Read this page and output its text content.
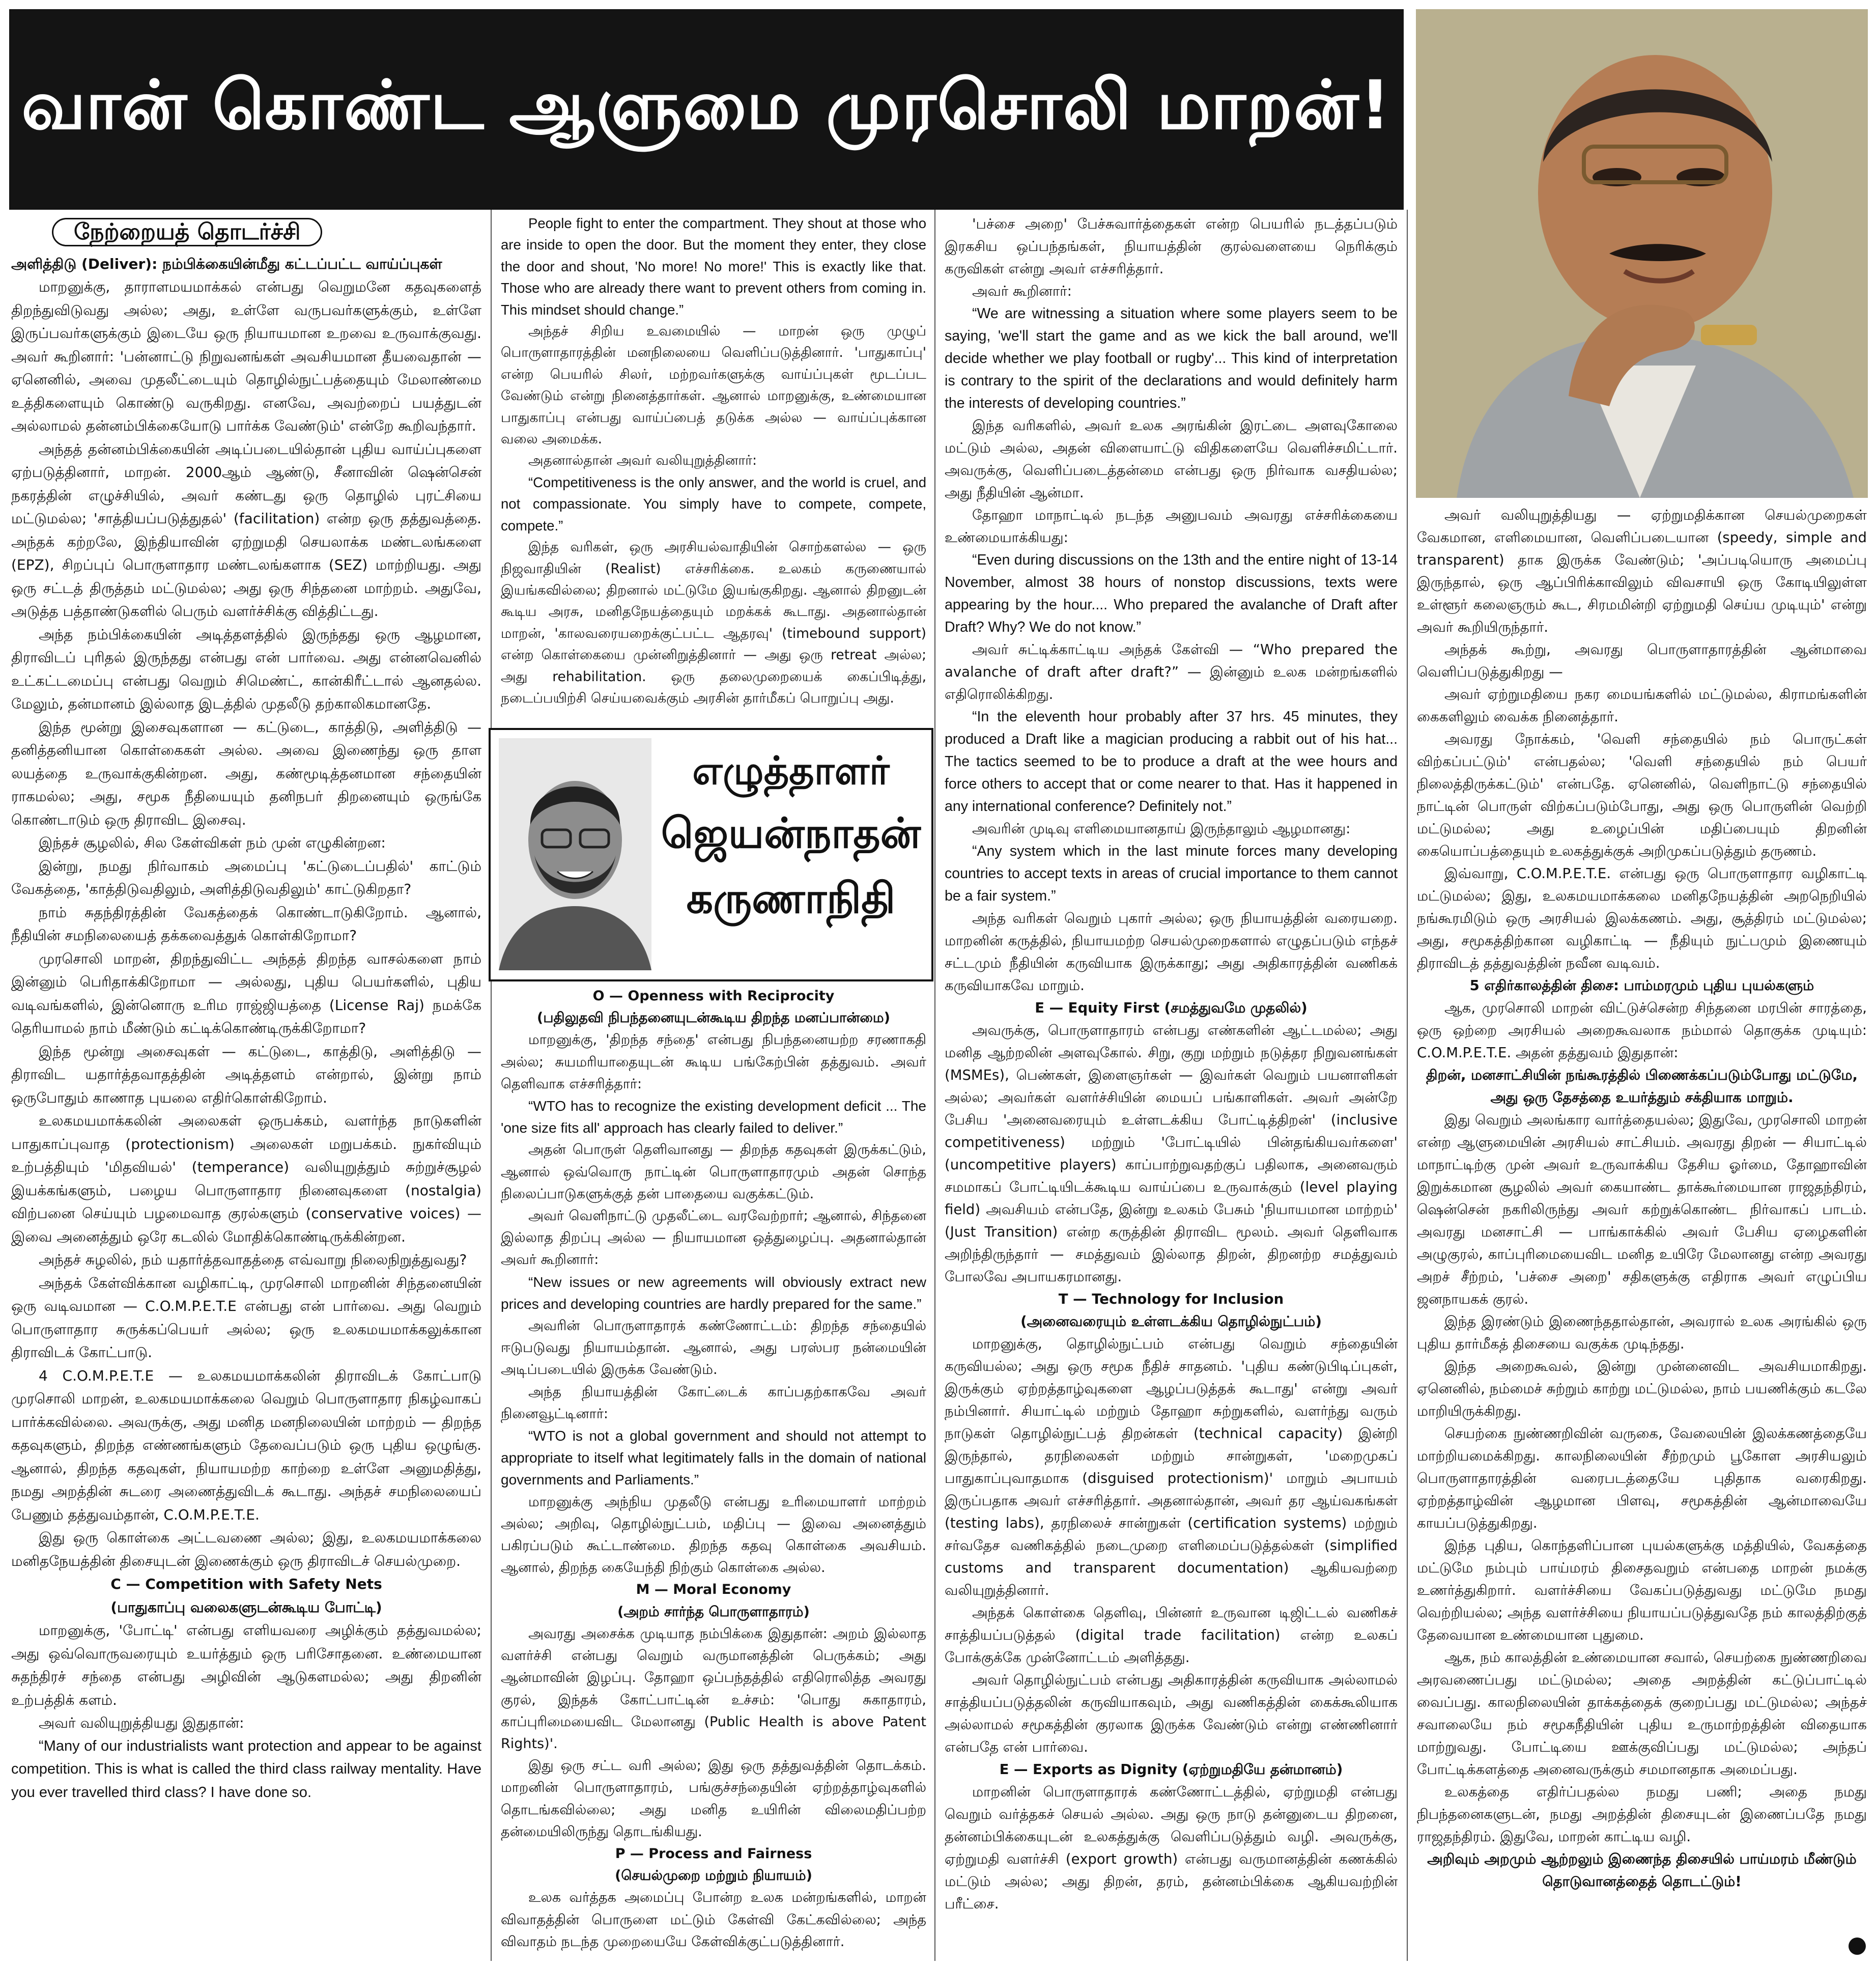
வான் கொண்ட ஆளுமை முரசொலி மாறன்!
நேற்றையத் தொடர்ச்சி

அளித்திடு (Deliver): நம்பிக்கையின்மீது கட்டப்பட்ட வாய்ப்புகள்

மாறனுக்கு, தாராளமயமாக்கல் என்பது வெறுமனே கதவுகளைத் திறந்துவிடுவது அல்ல; அது, உள்ளே வருபவர்களுக்கும், உள்ளே இருப்பவர்களுக்கும் இடையே ஒரு நியாயமான உறவை உருவாக்குவது. அவர் கூறினார்: 'பன்னாட்டு நிறுவனங்கள் அவசியமான தீயவைதான் — ஏனெனில், அவை முதலீட்டையும் தொழில்நுட்பத்தையும் மேலாண்மை உத்திகளையும் கொண்டு வருகிறது. எனவே, அவற்றைப் பயத்துடன் அல்லாமல் தன்னம்பிக்கையோடு பார்க்க வேண்டும்' என்றே கூறிவந்தார்.

அந்தத் தன்னம்பிக்கையின் அடிப்படையில்தான் புதிய வாய்ப்புகளை ஏற்படுத்தினார், மாறன். 2000ஆம் ஆண்டு, சீனாவின் ஷென்சென் நகரத்தின் எழுச்சியில், அவர் கண்டது ஒரு தொழில் புரட்சியை மட்டுமல்ல; 'சாத்தியப்படுத்துதல்' (facilitation) என்ற ஒரு தத்துவத்தை. அந்தக் கற்றலே, இந்தியாவின் ஏற்றுமதி செயலாக்க மண்டலங்களை (EPZ), சிறப்புப் பொருளாதார மண்டலங்களாக (SEZ) மாற்றியது. அது ஒரு சட்டத் திருத்தம் மட்டுமல்ல; அது ஒரு சிந்தனை மாற்றம். அதுவே, அடுத்த பத்தாண்டுகளில் பெரும் வளர்ச்சிக்கு வித்திட்டது.

அந்த நம்பிக்கையின் அடித்தளத்தில் இருந்தது ஒரு ஆழமான, திராவிடப் புரிதல் இருந்தது என்பது என் பார்வை. அது என்னவெனில் உட்கட்டமைப்பு என்பது வெறும் சிமெண்ட், கான்கிரீட்டால் ஆனதல்ல. மேலும், தன்மானம் இல்லாத இடத்தில் முதலீடு தற்காலிகமானதே.

இந்த மூன்று இசைவுகளான — கட்டுடை, காத்திடு, அளித்திடு — தனித்தனியான கொள்கைகள் அல்ல. அவை இணைந்து ஒரு தாள லயத்தை உருவாக்குகின்றன. அது, கண்மூடித்தனமான சந்தையின் ராகமல்ல; அது, சமூக நீதியையும் தனிநபர் திறனையும் ஒருங்கே கொண்டாடும் ஒரு திராவிட இசைவு.

இந்தச் சூழலில், சில கேள்விகள் நம் முன் எழுகின்றன:

இன்று, நமது நிர்வாகம் அமைப்பு 'கட்டுடைப்பதில்' காட்டும் வேகத்தை, 'காத்திடுவதிலும், அளித்திடுவதிலும்' காட்டுகிறதா?

நாம் சுதந்திரத்தின் வேகத்தைக் கொண்டாடுகிறோம். ஆனால், நீதியின் சமநிலையைத் தக்கவைத்துக் கொள்கிறோமா?

முரசொலி மாறன், திறந்துவிட்ட அந்தத் திறந்த வாசல்களை நாம் இன்னும் பெரிதாக்கிறோமா — அல்லது, புதிய பெயர்களில், புதிய வடிவங்களில், இன்னொரு உரிம ராஜ்ஜியத்தை (License Raj) நமக்கே தெரியாமல் நாம் மீண்டும் கட்டிக்கொண்டிருக்கிறோமா?

இந்த மூன்று அசைவுகள் — கட்டுடை, காத்திடு, அளித்திடு — திராவிட யதார்த்தவாதத்தின் அடித்தளம் என்றால், இன்று நாம் ஒருபோதும் காணாத புயலை எதிர்கொள்கிறோம்.

உலகமயமாக்கலின் அலைகள் ஒருபக்கம், வளர்ந்த நாடுகளின் பாதுகாப்புவாத (protectionism) அலைகள் மறுபக்கம். நுகர்வியும் உற்பத்தியும் 'மிதவியல்' (temperance) வலியுறுத்தும் சுற்றுச்சூழல் இயக்கங்களும், பழைய பொருளாதார நினைவுகளை (nostalgia) விற்பனை செய்யும் பழமைவாத குரல்களும் (conservative voices) — இவை அனைத்தும் ஒரே கடலில் மோதிக்கொண்டிருக்கின்றன.

அந்தச் சுழலில், நம் யதார்த்தவாதத்தை எவ்வாறு நிலைநிறுத்துவது?

அந்தக் கேள்விக்கான வழிகாட்டி, முரசொலி மாறனின் சிந்தனையின் ஒரு வடிவமான — C.O.M.P.E.T.E என்பது என் பார்வை. அது வெறும் பொருளாதார சுருக்கப்பெயர் அல்ல; ஒரு உலகமயமாக்கலுக்கான திராவிடக் கோட்பாடு.

4 C.O.M.P.E.T.E — உலகமயமாக்கலின் திராவிடக் கோட்பாடு முரசொலி மாறன், உலகமயமாக்கலை வெறும் பொருளாதார நிகழ்வாகப் பார்க்கவில்லை. அவருக்கு, அது மனித மனநிலையின் மாற்றம் — திறந்த கதவுகளும், திறந்த எண்ணங்களும் தேவைப்படும் ஒரு புதிய ஒழுங்கு. ஆனால், திறந்த கதவுகள், நியாயமற்ற காற்றை உள்ளே அனுமதித்து, நமது அறத்தின் சுடரை அணைத்துவிடக் கூடாது. அந்தச் சமநிலையைப் பேணும் தத்துவம்தான், C.O.M.P.E.T.E.

இது ஒரு கொள்கை அட்டவணை அல்ல; இது, உலகமயமாக்கலை மனிதநேயத்தின் திசையுடன் இணைக்கும் ஒரு திராவிடச் செயல்முறை.

C — Competition with Safety Nets

(பாதுகாப்பு வலைகளுடன்கூடிய போட்டி)

மாறனுக்கு, 'போட்டி' என்பது எளியவரை அழிக்கும் தத்துவமல்ல; அது ஒவ்வொருவரையும் உயர்த்தும் ஒரு பரிசோதனை. உண்மையான சுதந்திரச் சந்தை என்பது அழிவின் ஆடுகளமல்ல; அது திறனின் உற்பத்திக் களம்.

அவர் வலியுறுத்தியது இதுதான்:

“Many of our industrialists want protection and appear to be against competition. This is what is called the third class railway mentality. Have you ever travelled third class? I have done so.

People fight to enter the compartment. They shout at those who are inside to open the door. But the moment they enter, they close the door and shout, 'No more! No more!' This is exactly like that. Those who are already there want to prevent others from coming in. This mindset should change.”

அந்தச் சிறிய உவமையில் — மாறன் ஒரு முழுப் பொருளாதாரத்தின் மனநிலையை வெளிப்படுத்தினார். 'பாதுகாப்பு' என்ற பெயரில் சிலர், மற்றவர்களுக்கு வாய்ப்புகள் மூடப்பட வேண்டும் என்று நினைத்தார்கள். ஆனால் மாறனுக்கு, உண்மையான பாதுகாப்பு என்பது வாய்ப்பைத் தடுக்க அல்ல — வாய்ப்புக்கான வலை அமைக்க.

அதனால்தான் அவர் வலியுறுத்தினார்:

“Competitiveness is the only answer, and the world is cruel, and not compassionate. You simply have to compete, compete, compete.”

இந்த வரிகள், ஒரு அரசியல்வாதியின் சொற்களல்ல — ஒரு நிஜவாதியின் (Realist) எச்சரிக்கை. உலகம் கருணையால் இயங்கவில்லை; திறனால் மட்டுமே இயங்குகிறது. ஆனால் திறனுடன் கூடிய அரசு, மனிதநேயத்தையும் மறக்கக் கூடாது. அதனால்தான் மாறன், 'காலவரையறைக்குட்பட்ட ஆதரவு' (timebound support) என்ற கொள்கையை முன்னிறுத்தினார் — அது ஒரு retreat அல்ல; அது rehabilitation. ஒரு தலைமுறையைக் கைப்பிடித்து, நடைப்பயிற்சி செய்யவைக்கும் அரசின் தார்மீகப் பொறுப்பு அது.

எழுத்தாளர்
ஜெயன்நாதன்
கருணாநிதி

O — Openness with Reciprocity

(பதிலுதவி நிபந்தனையுடன்கூடிய திறந்த மனப்பான்மை)

மாறனுக்கு, 'திறந்த சந்தை' என்பது நிபந்தனையற்ற சரணாகதி அல்ல; சுயமரியாதையுடன் கூடிய பங்கேற்பின் தத்துவம். அவர் தெளிவாக எச்சரித்தார்:

“WTO has to recognize the existing development deficit ... The 'one size fits all' approach has clearly failed to deliver.”

அதன் பொருள் தெளிவானது — திறந்த கதவுகள் இருக்கட்டும், ஆனால் ஒவ்வொரு நாட்டின் பொருளாதாரமும் அதன் சொந்த நிலைப்பாடுகளுக்குத் தன் பாதையை வகுக்கட்டும்.

அவர் வெளிநாட்டு முதலீட்டை வரவேற்றார்; ஆனால், சிந்தனை இல்லாத திறப்பு அல்ல — நியாயமான ஒத்துழைப்பு. அதனால்தான் அவர் கூறினார்:

“New issues or new agreements will obviously extract new prices and developing countries are hardly prepared for the same.”

அவரின் பொருளாதாரக் கண்ணோட்டம்: திறந்த சந்தையில் ஈடுபடுவது நியாயம்தான். ஆனால், அது பரஸ்பர நன்மையின் அடிப்படையில் இருக்க வேண்டும்.

அந்த நியாயத்தின் கோட்டைக் காப்பதற்காகவே அவர் நினைவூட்டினார்:

“WTO is not a global government and should not attempt to appropriate to itself what legitimately falls in the domain of national governments and Parliaments.”

மாறனுக்கு அந்நிய முதலீடு என்பது உரிமையாளர் மாற்றம் அல்ல; அறிவு, தொழில்நுட்பம், மதிப்பு — இவை அனைத்தும் பகிரப்படும் கூட்டாண்மை. திறந்த கதவு கொள்கை அவசியம். ஆனால், திறந்த கையேந்தி நிற்கும் கொள்கை அல்ல.

M — Moral Economy

(அறம் சார்ந்த பொருளாதாரம்)

அவரது அசைக்க முடியாத நம்பிக்கை இதுதான்: அறம் இல்லாத வளர்ச்சி என்பது வெறும் வருமானத்தின் பெருக்கம்; அது ஆன்மாவின் இழப்பு. தோஹா ஒப்பந்தத்தில் எதிரொலித்த அவரது குரல், இந்தக் கோட்பாட்டின் உச்சம்: 'பொது சுகாதாரம், காப்புரிமையைவிட மேலானது (Public Health is above Patent Rights)'.

இது ஒரு சட்ட வரி அல்ல; இது ஒரு தத்துவத்தின் தொடக்கம். மாறனின் பொருளாதாரம், பங்குச்சந்தையின் ஏற்றத்தாழ்வுகளில் தொடங்கவில்லை; அது மனித உயிரின் விலைமதிப்பற்ற தன்மையிலிருந்து தொடங்கியது.

P — Process and Fairness

(செயல்முறை மற்றும் நியாயம்)

உலக வர்த்தக அமைப்பு போன்ற உலக மன்றங்களில், மாறன் விவாதத்தின் பொருளை மட்டும் கேள்வி கேட்கவில்லை; அந்த விவாதம் நடந்த முறையையே கேள்விக்குட்படுத்தினார்.

'பச்சை அறை' பேச்சுவார்த்தைகள் என்ற பெயரில் நடத்தப்படும் இரகசிய ஒப்பந்தங்கள், நியாயத்தின் குரல்வளையை நெரிக்கும் கருவிகள் என்று அவர் எச்சரித்தார்.

அவர் கூறினார்:

“We are witnessing a situation where some players seem to be saying, 'we'll start the game and as we kick the ball around, we'll decide whether we play football or rugby'... This kind of interpretation is contrary to the spirit of the declarations and would definitely harm the interests of developing countries.”

இந்த வரிகளில், அவர் உலக அரங்கின் இரட்டை அளவுகோலை மட்டும் அல்ல, அதன் விளையாட்டு விதிகளையே வெளிச்சமிட்டார். அவருக்கு, வெளிப்படைத்தன்மை என்பது ஒரு நிர்வாக வசதியல்ல; அது நீதியின் ஆன்மா.

தோஹா மாநாட்டில் நடந்த அனுபவம் அவரது எச்சரிக்கையை உண்மையாக்கியது:

“Even during discussions on the 13th and the entire night of 13-14 November, almost 38 hours of nonstop discussions, texts were appearing by the hour.... Who prepared the avalanche of Draft after Draft? Why? We do not know.”

அவர் சுட்டிக்காட்டிய அந்தக் கேள்வி — “Who prepared the avalanche of draft after draft?” — இன்னும் உலக மன்றங்களில் எதிரொலிக்கிறது.

“In the eleventh hour probably after 37 hrs. 45 minutes, they produced a Draft like a magician producing a rabbit out of his hat... The tactics seemed to be to produce a draft at the wee hours and force others to accept that or come nearer to that. Has it happened in any international conference? Definitely not.”

அவரின் முடிவு எளிமையானதாய் இருந்தாலும் ஆழமானது:

“Any system which in the last minute forces many developing countries to accept texts in areas of crucial importance to them cannot be a fair system.”

அந்த வரிகள் வெறும் புகார் அல்ல; ஒரு நியாயத்தின் வரையறை. மாறனின் கருத்தில், நியாயமற்ற செயல்முறைகளால் எழுதப்படும் எந்தச் சட்டமும் நீதியின் கருவியாக இருக்காது; அது அதிகாரத்தின் வணிகக் கருவியாகவே மாறும்.

E — Equity First (சமத்துவமே முதலில்)

அவருக்கு, பொருளாதாரம் என்பது எண்களின் ஆட்டமல்ல; அது மனித ஆற்றலின் அளவுகோல். சிறு, குறு மற்றும் நடுத்தர நிறுவனங்கள் (MSMEs), பெண்கள், இளைஞர்கள் — இவர்கள் வெறும் பயனாளிகள் அல்ல; அவர்கள் வளர்ச்சியின் மையப் பங்காளிகள். அவர் அன்றே பேசிய 'அனைவரையும் உள்ளடக்கிய போட்டித்திறன்' (inclusive competitiveness) மற்றும் 'போட்டியில் பின்தங்கியவர்களை' (uncompetitive players) காப்பாற்றுவதற்குப் பதிலாக, அனைவரும் சமமாகப் போட்டியிடக்கூடிய வாய்ப்பை உருவாக்கும் (level playing field) அவசியம் என்பதே, இன்று உலகம் பேசும் 'நியாயமான மாற்றம்' (Just Transition) என்ற கருத்தின் திராவிட மூலம். அவர் தெளிவாக அறிந்திருந்தார் — சமத்துவம் இல்லாத திறன், திறனற்ற சமத்துவம் போலவே அபாயகரமானது.

T — Technology for Inclusion

(அனைவரையும் உள்ளடக்கிய தொழில்நுட்பம்)

மாறனுக்கு, தொழில்நுட்பம் என்பது வெறும் சந்தையின் கருவியல்ல; அது ஒரு சமூக நீதிச் சாதனம். 'புதிய கண்டுபிடிப்புகள், இருக்கும் ஏற்றத்தாழ்வுகளை ஆழப்படுத்தக் கூடாது' என்று அவர் நம்பினார். சியாட்டில் மற்றும் தோஹா சுற்றுகளில், வளர்ந்து வரும் நாடுகள் தொழில்நுட்பத் திறன்கள் (technical capacity) இன்றி இருந்தால், தரநிலைகள் மற்றும் சான்றுகள், 'மறைமுகப் பாதுகாப்புவாதமாக (disguised protectionism)' மாறும் அபாயம் இருப்பதாக அவர் எச்சரித்தார். அதனால்தான், அவர் தர ஆய்வகங்கள் (testing labs), தரநிலைச் சான்றுகள் (certification systems) மற்றும் சர்வதேச வணிகத்தில் நடைமுறை எளிமைப்படுத்தல்கள் (simplified customs and transparent documentation) ஆகியவற்றை வலியுறுத்தினார்.

அந்தக் கொள்கை தெளிவு, பின்னர் உருவான டிஜிட்டல் வணிகச் சாத்தியப்படுத்தல் (digital trade facilitation) என்ற உலகப் போக்குக்கே முன்னோட்டம் அளித்தது.

அவர் தொழில்நுட்பம் என்பது அதிகாரத்தின் கருவியாக அல்லாமல் சாத்தியப்படுத்தலின் கருவியாகவும், அது வணிகத்தின் கைக்கூலியாக அல்லாமல் சமூகத்தின் குரலாக இருக்க வேண்டும் என்று எண்ணினார் என்பதே என் பார்வை.

E — Exports as Dignity (ஏற்றுமதியே தன்மானம்)

மாறனின் பொருளாதாரக் கண்ணோட்டத்தில், ஏற்றுமதி என்பது வெறும் வர்த்தகச் செயல் அல்ல. அது ஒரு நாடு தன்னுடைய திறனை, தன்னம்பிக்கையுடன் உலகத்துக்கு வெளிப்படுத்தும் வழி. அவருக்கு, ஏற்றுமதி வளர்ச்சி (export growth) என்பது வருமானத்தின் கணக்கில் மட்டும் அல்ல; அது திறன், தரம், தன்னம்பிக்கை ஆகியவற்றின் பரீட்சை.

அவர் வலியுறுத்தியது — ஏற்றுமதிக்கான செயல்முறைகள் வேகமான, எளிமையான, வெளிப்படையான (speedy, simple and transparent) தாக இருக்க வேண்டும்; 'அப்படியொரு அமைப்பு இருந்தால், ஒரு ஆப்பிரிக்காவிலும் விவசாயி ஒரு கோடியிலுள்ள உள்ளூர் கலைஞரும் கூட, சிரமமின்றி ஏற்றுமதி செய்ய முடியும்' என்று அவர் கூறியிருந்தார்.

அந்தக் கூற்று, அவரது பொருளாதாரத்தின் ஆன்மாவை வெளிப்படுத்துகிறது —

அவர் ஏற்றுமதியை நகர மையங்களில் மட்டுமல்ல, கிராமங்களின் கைகளிலும் வைக்க நினைத்தார்.

அவரது நோக்கம், 'வெளி சந்தையில் நம் பொருட்கள் விற்கப்பட்டும்' என்பதல்ல; 'வெளி சந்தையில் நம் பெயர் நிலைத்திருக்கட்டும்' என்பதே. ஏனெனில், வெளிநாட்டு சந்தையில் நாட்டின் பொருள் விற்கப்படும்போது, அது ஒரு பொருளின் வெற்றி மட்டுமல்ல; அது உழைப்பின் மதிப்பையும் திறனின் கையொப்பத்தையும் உலகத்துக்குக் அறிமுகப்படுத்தும் தருணம்.

இவ்வாறு, C.O.M.P.E.T.E. என்பது ஒரு பொருளாதார வழிகாட்டி மட்டுமல்ல; இது, உலகமயமாக்கலை மனிதநேயத்தின் அறநெறியில் நங்கூரமிடும் ஒரு அரசியல் இலக்கணம். அது, சூத்திரம் மட்டுமல்ல; அது, சமூகத்திற்கான வழிகாட்டி — நீதியும் நுட்பமும் இணையும் திராவிடத் தத்துவத்தின் நவீன வடிவம்.

5 எதிர்காலத்தின் திசை: பாம்மரமும் புதிய புயல்களும்

ஆக, முரசொலி மாறன் விட்டுச்சென்ற சிந்தனை மரபின் சாரத்தை, ஒரு ஒற்றை அரசியல் அறைகூவலாக நம்மால் தொகுக்க முடியும்: C.O.M.P.E.T.E. அதன் தத்துவம் இதுதான்:

திறன், மனசாட்சியின் நங்கூரத்தில் பிணைக்கப்படும்போது மட்டுமே, அது ஒரு தேசத்தை உயர்த்தும் சக்தியாக மாறும்.

இது வெறும் அலங்கார வார்த்தையல்ல; இதுவே, முரசொலி மாறன் என்ற ஆளுமையின் அரசியல் சாட்சியம். அவரது திறன் — சியாட்டில் மாநாட்டிற்கு முன் அவர் உருவாக்கிய தேசிய ஓர்மை, தோஹாவின் இறுக்கமான சூழலில் அவர் கையாண்ட தாக்கூர்மையான ராஜதந்திரம், ஷென்சென் நகரிலிருந்து அவர் கற்றுக்கொண்ட நிர்வாகப் பாடம். அவரது மனசாட்சி — பாங்காக்கில் அவர் பேசிய ஏழைகளின் அழுகுரல், காப்புரிமையைவிட மனித உயிரே மேலானது என்ற அவரது அறச் சீற்றம், 'பச்சை அறை' சதிகளுக்கு எதிராக அவர் எழுப்பிய ஜனநாயகக் குரல்.

இந்த இரண்டும் இணைந்ததால்தான், அவரால் உலக அரங்கில் ஒரு புதிய தார்மீகத் திசையை வகுக்க முடிந்தது.

இந்த அறைகூவல், இன்று முன்னைவிட அவசியமாகிறது. ஏனெனில், நம்மைச் சுற்றும் காற்று மட்டுமல்ல, நாம் பயணிக்கும் கடலே மாறியிருக்கிறது.

செயற்கை நுண்ணறிவின் வருகை, வேலையின் இலக்கணத்தையே மாற்றியமைக்கிறது. காலநிலையின் சீற்றமும் பூகோள அரசியலும் பொருளாதாரத்தின் வரைபடத்தையே புதிதாக வரைகிறது. ஏற்றத்தாழ்வின் ஆழமான பிளவு, சமூகத்தின் ஆன்மாவையே காயப்படுத்துகிறது.

இந்த புதிய, கொந்தளிப்பான புயல்களுக்கு மத்தியில், வேகத்தை மட்டுமே நம்பும் பாய்மரம் திசைதவறும் என்பதை மாறன் நமக்கு உணர்த்துகிறார். வளர்ச்சியை வேகப்படுத்துவது மட்டுமே நமது வெற்றியல்ல; அந்த வளர்ச்சியை நியாயப்படுத்துவதே நம் காலத்திற்குத் தேவையான உண்மையான புதுமை.

ஆக, நம் காலத்தின் உண்மையான சவால், செயற்கை நுண்ணறிவை அரவணைப்பது மட்டுமல்ல; அதை அறத்தின் கட்டுப்பாட்டில் வைப்பது. காலநிலையின் தாக்கத்தைக் குறைப்பது மட்டுமல்ல; அந்தச் சவாலையே நம் சமூகநீதியின் புதிய உருமாற்றத்தின் விதையாக மாற்றுவது. போட்டியை ஊக்குவிப்பது மட்டுமல்ல; அந்தப் போட்டிக்களத்தை அனைவருக்கும் சமமானதாக அமைப்பது.

உலகத்தை எதிர்ப்பதல்ல நமது பணி; அதை நமது நிபந்தனைகளுடன், நமது அறத்தின் திசையுடன் இணைப்பதே நமது ராஜதந்திரம். இதுவே, மாறன் காட்டிய வழி.

அறிவும் அறமும் ஆற்றலும் இணைந்த திசையில் பாய்மரம் மீண்டும் தொடுவானத்தைத் தொடட்டும்!
